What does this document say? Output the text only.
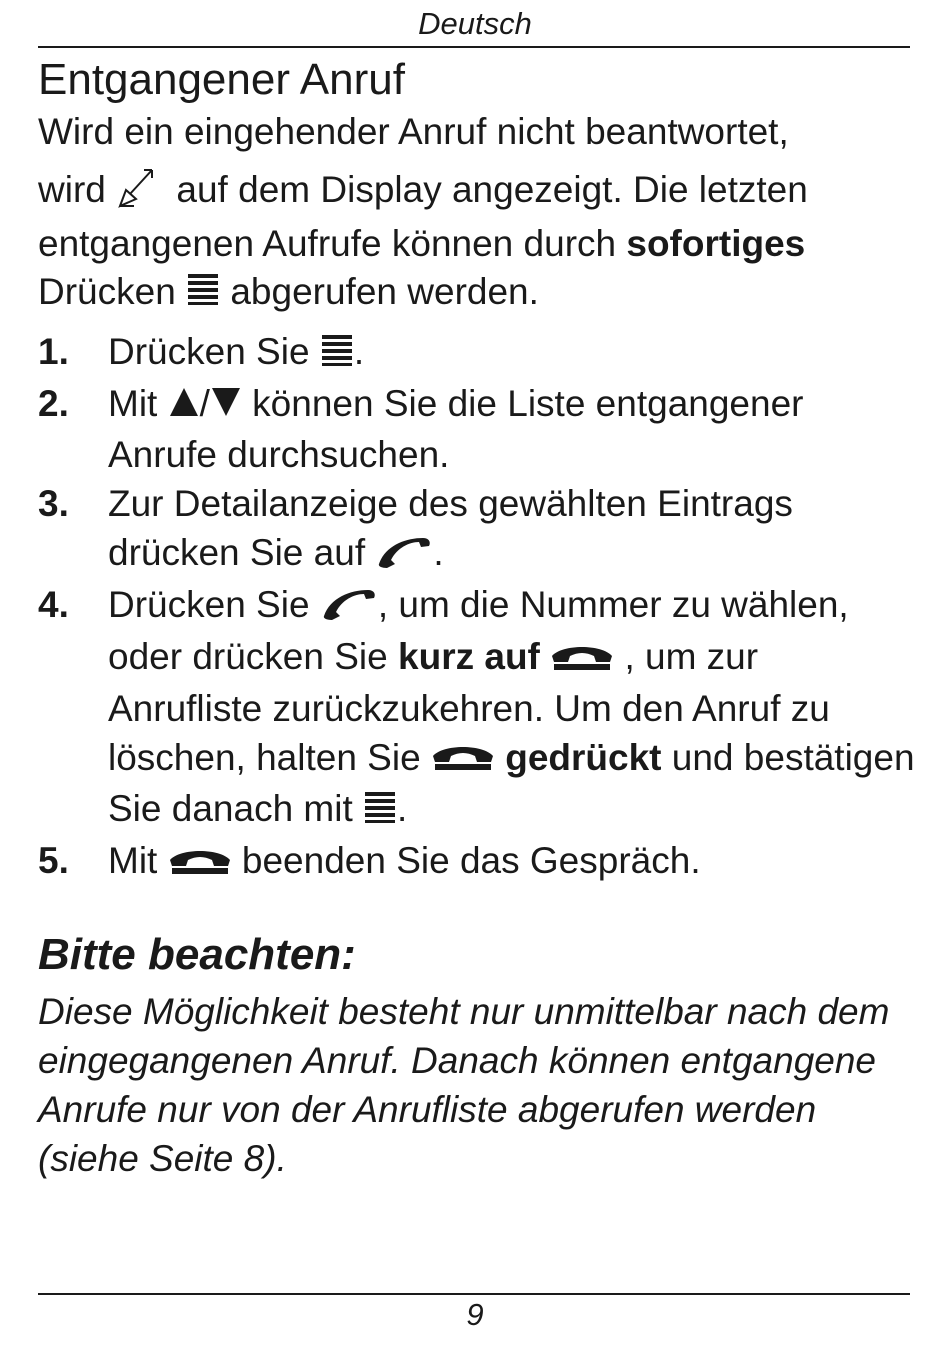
Deutsch
Entgangener Anruf

Wird ein eingehender Anruf nicht beantwortet,
wird auf dem Display angezeigt. Die letzten
entgangenen Aufrufe können durch sofortiges
Drücken abgerufen werden.

1. Drücken Sie .
2. Mit / können Sie die Liste entgangener Anrufe durchsuchen.
3. Zur Detailanzeige des gewählten Eintrags drücken Sie auf .
4. Drücken Sie , um die Nummer zu wählen, oder drücken Sie kurz auf , um zur Anrufliste zurückzukehren. Um den Anruf zu löschen, halten Sie gedrückt und bestätigen Sie danach mit .
5. Mit beenden Sie das Gespräch.
Bitte beachten:

Diese Möglichkeit besteht nur unmittelbar nach dem eingegangenen Anruf. Danach können entgangene Anrufe nur von der Anrufliste abgerufen werden (siehe Seite 8).

9
